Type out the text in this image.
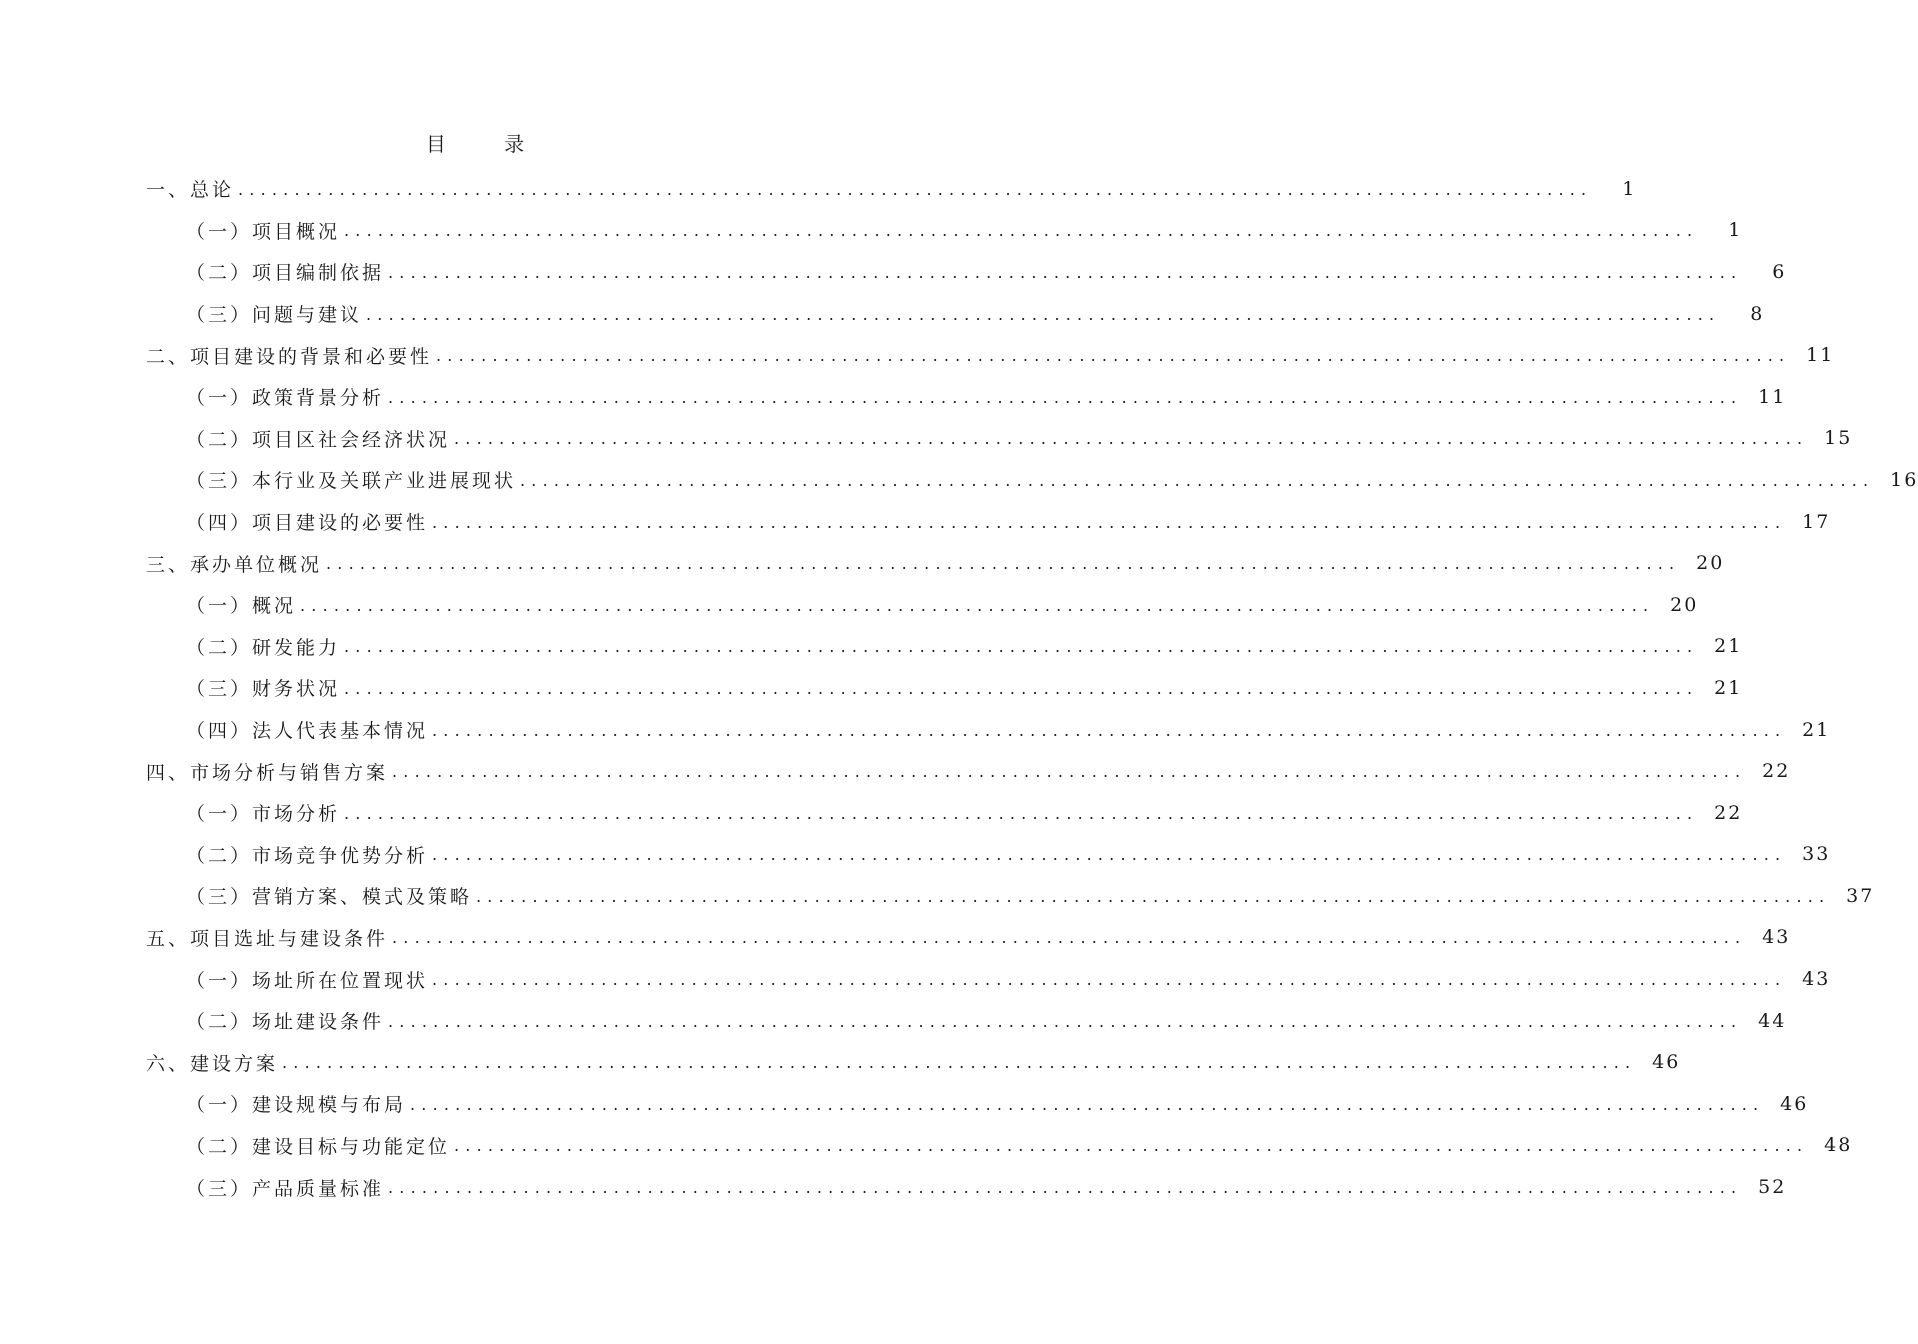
目 录
一、总论 ........................................................................................................................	1
（一）项目概况 ........................................................................................................................	1
（二）项目编制依据 ........................................................................................................................	6
（三）问题与建议 ........................................................................................................................	8
二、项目建设的背景和必要性 ........................................................................................................................ 11
（一）政策背景分析 ........................................................................................................................ 11
（二）项目区社会经济状况 ........................................................................................................................ 15
（三）本行业及关联产业进展现状 ........................................................................................................................ 16
（四）项目建设的必要性 ........................................................................................................................ 17
三、承办单位概况 ........................................................................................................................ 20
（一）概况 ........................................................................................................................ 20
（二）研发能力 ........................................................................................................................ 21
（三）财务状况 ........................................................................................................................ 21
（四）法人代表基本情况 ........................................................................................................................ 21
四、市场分析与销售方案 ........................................................................................................................ 22
（一）市场分析 ........................................................................................................................ 22
（二）市场竞争优势分析 ........................................................................................................................ 33
（三）营销方案、模式及策略 ........................................................................................................................ 37
五、项目选址与建设条件 ........................................................................................................................ 43
（一）场址所在位置现状 ........................................................................................................................ 43
（二）场址建设条件 ........................................................................................................................ 44
六、建设方案 ........................................................................................................................ 46
（一）建设规模与布局 ........................................................................................................................ 46
（二）建设目标与功能定位 ........................................................................................................................ 48
（三）产品质量标准 ........................................................................................................................ 52
